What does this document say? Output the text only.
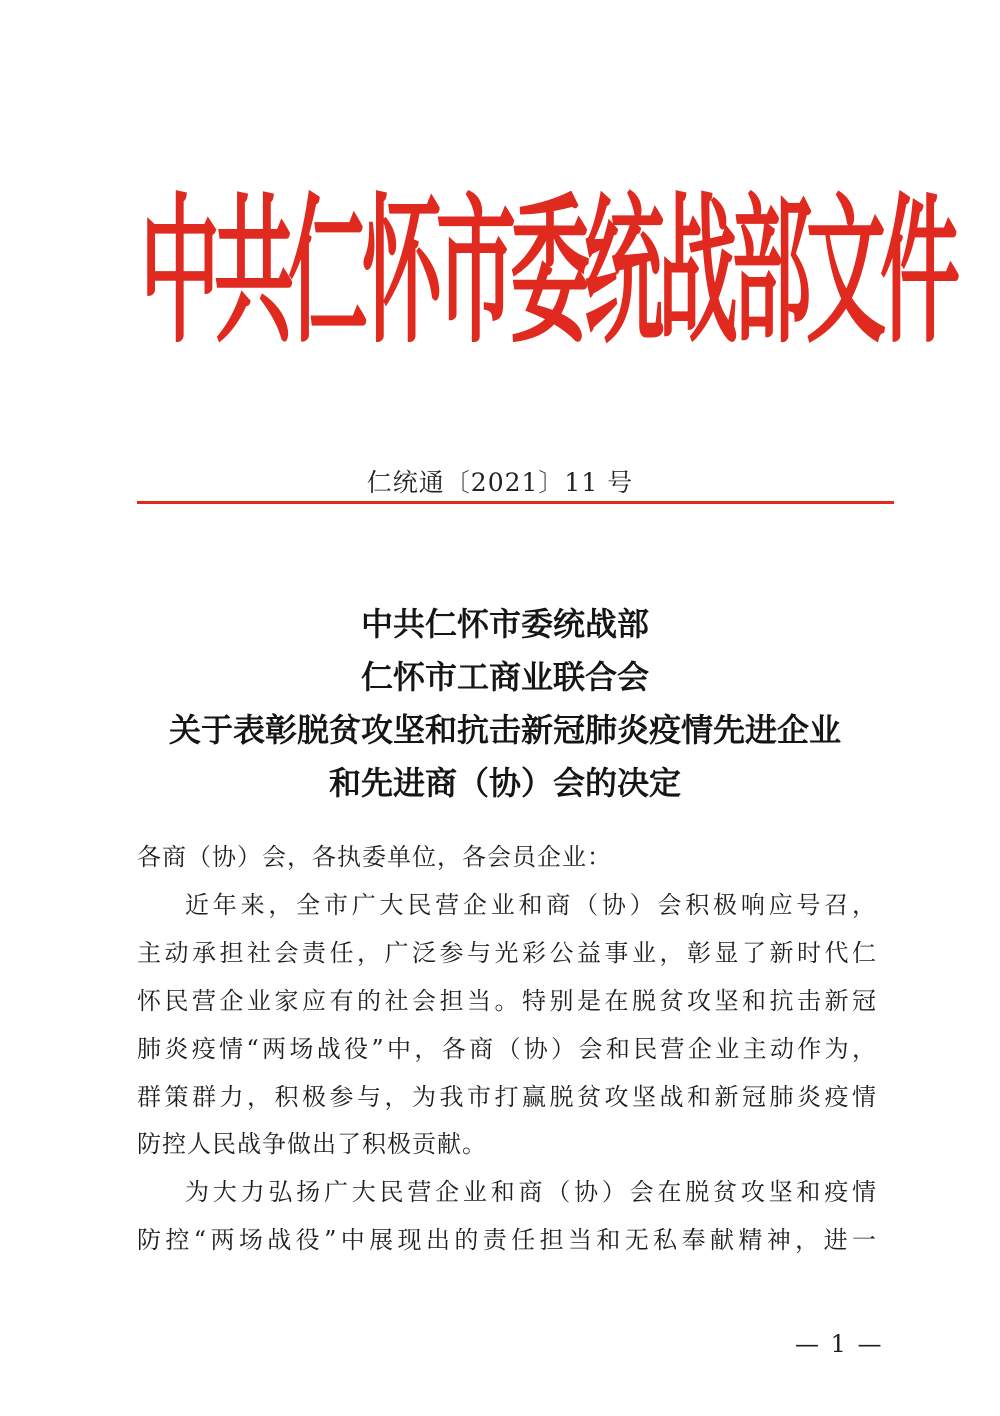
中共仁怀市委统战部文件
仁统通〔2021〕11 号
中共仁怀市委统战部
仁怀市工商业联合会
关于表彰脱贫攻坚和抗击新冠肺炎疫情先进企业
和先进商（协）会的决定
各商（协）会，各执委单位，各会员企业：
近年来，全市广大民营企业和商（协）会积极响应号召，
主动承担社会责任，广泛参与光彩公益事业，彰显了新时代仁
怀民营企业家应有的社会担当。特别是在脱贫攻坚和抗击新冠
肺炎疫情“两场战役”中，各商（协）会和民营企业主动作为，
群策群力，积极参与，为我市打赢脱贫攻坚战和新冠肺炎疫情
防控人民战争做出了积极贡献。
为大力弘扬广大民营企业和商（协）会在脱贫攻坚和疫情
防控“两场战役”中展现出的责任担当和无私奉献精神，进一
— 1 —
